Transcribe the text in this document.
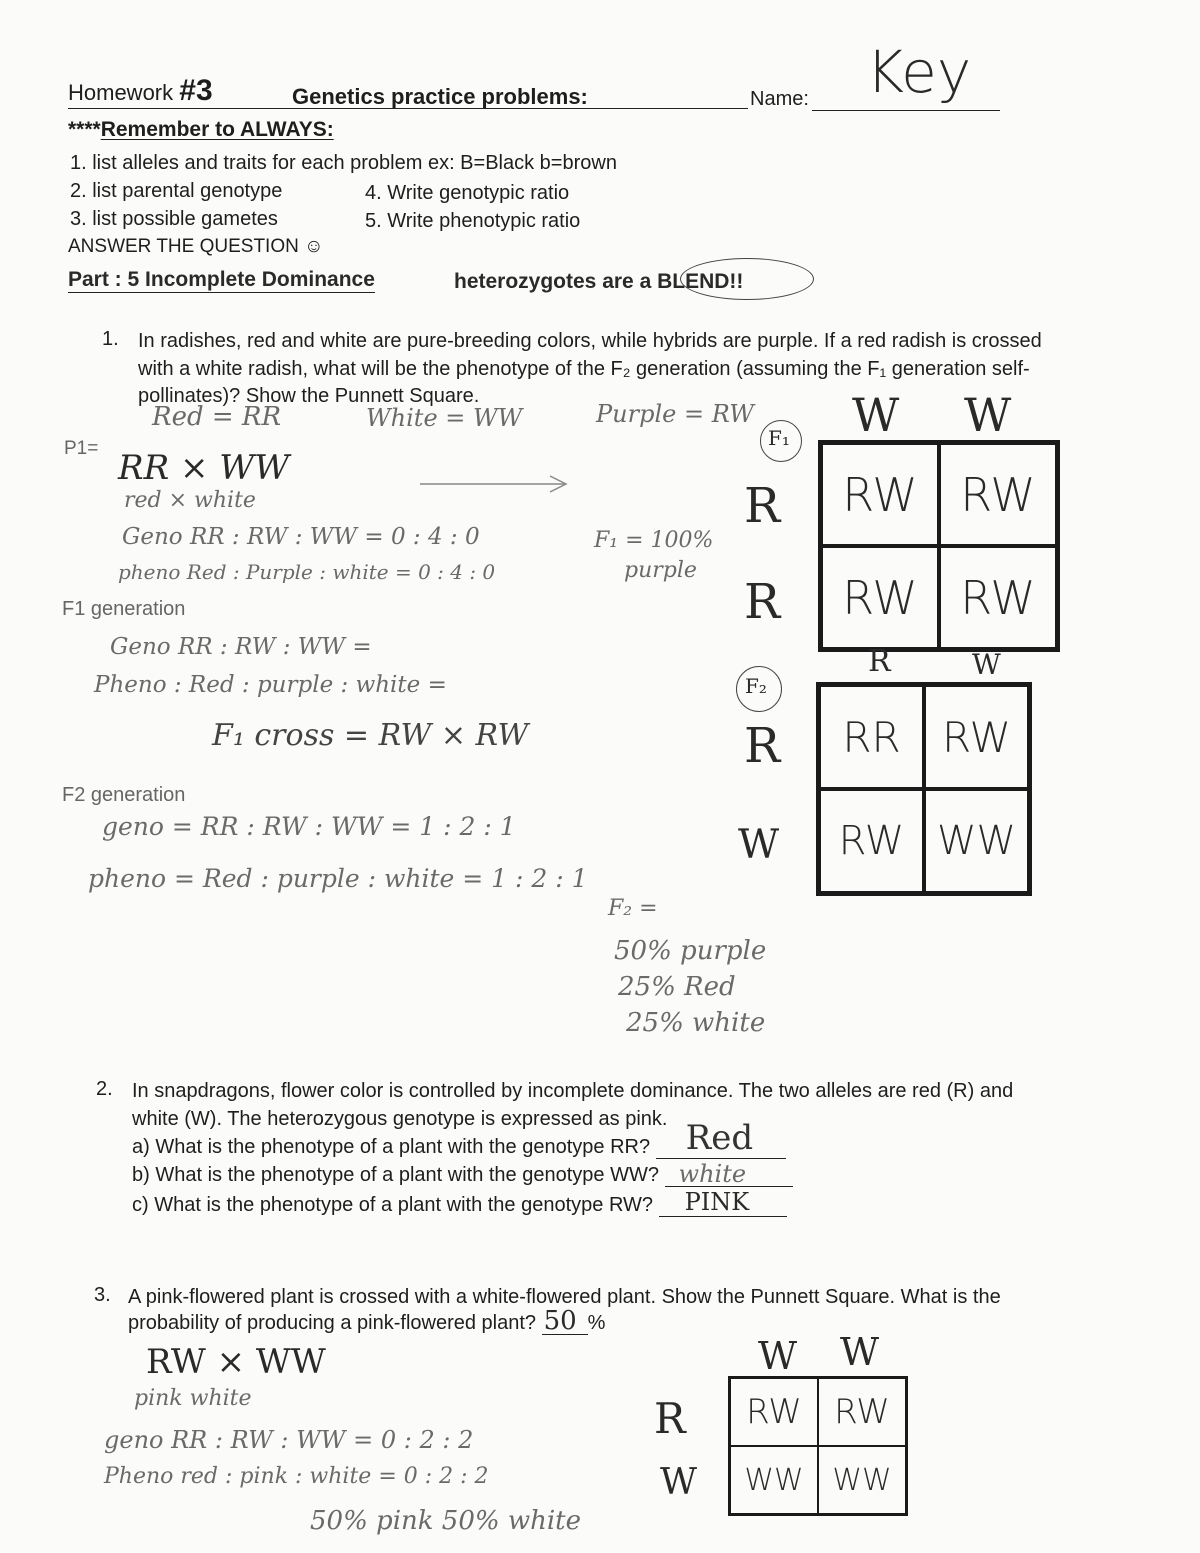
Homework #3	Genetics practice problems:	Name: Key
****Remember to ALWAYS:
1. list alleles and traits for each problem ex: B=Black b=brown
2. list parental genotype
3. list possible gametes
4. Write genotypic ratio
5. Write phenotypic ratio
ANSWER THE QUESTION ☺
Part : 5 Incomplete Dominance	heterozygotes are a BLEND!!
1. In radishes, red and white are pure-breeding colors, while hybrids are purple. If a red radish is crossed
with a white radish, what will be the phenotype of the F₂ generation (assuming the F₁ generation self-
pollinates)? Show the Punnett Square.
Red = RR	White = WW	Purple = RW
P1= RR × WW
red × white
Geno RR : RW : WW = 0 : 4 : 0
pheno Red : Purple : white = 0 : 4 : 0
F₁ = 100%
purple
F1 generation
Geno RR : RW : WW =
Pheno : Red : purple : white =
F₁ cross = RW × RW
F2 generation
geno = RR : RW : WW = 1 : 2 : 1
pheno = Red : purple : white = 1 : 2 : 1
F₂ =
50% purple
25% Red
25% white
F₁ W W
R
R
RW RW
RW RW
F₂
R	W
R
W
RR RW
RW WW
2. In snapdragons, flower color is controlled by incomplete dominance. The two alleles are red (R) and
white (W). The heterozygous genotype is expressed as pink.
a) What is the phenotype of a plant with the genotype RR? Red
b) What is the phenotype of a plant with the genotype WW? white
c) What is the phenotype of a plant with the genotype RW? PINK
3. A pink-flowered plant is crossed with a white-flowered plant. Show the Punnett Square. What is the
probability of producing a pink-flowered plant? 50 %
RW × WW
pink white
geno RR : RW : WW = 0 : 2 : 2
Pheno red : pink : white = 0 : 2 : 2
50% pink 50% white
W W
R
W
RW RW
WW WW
